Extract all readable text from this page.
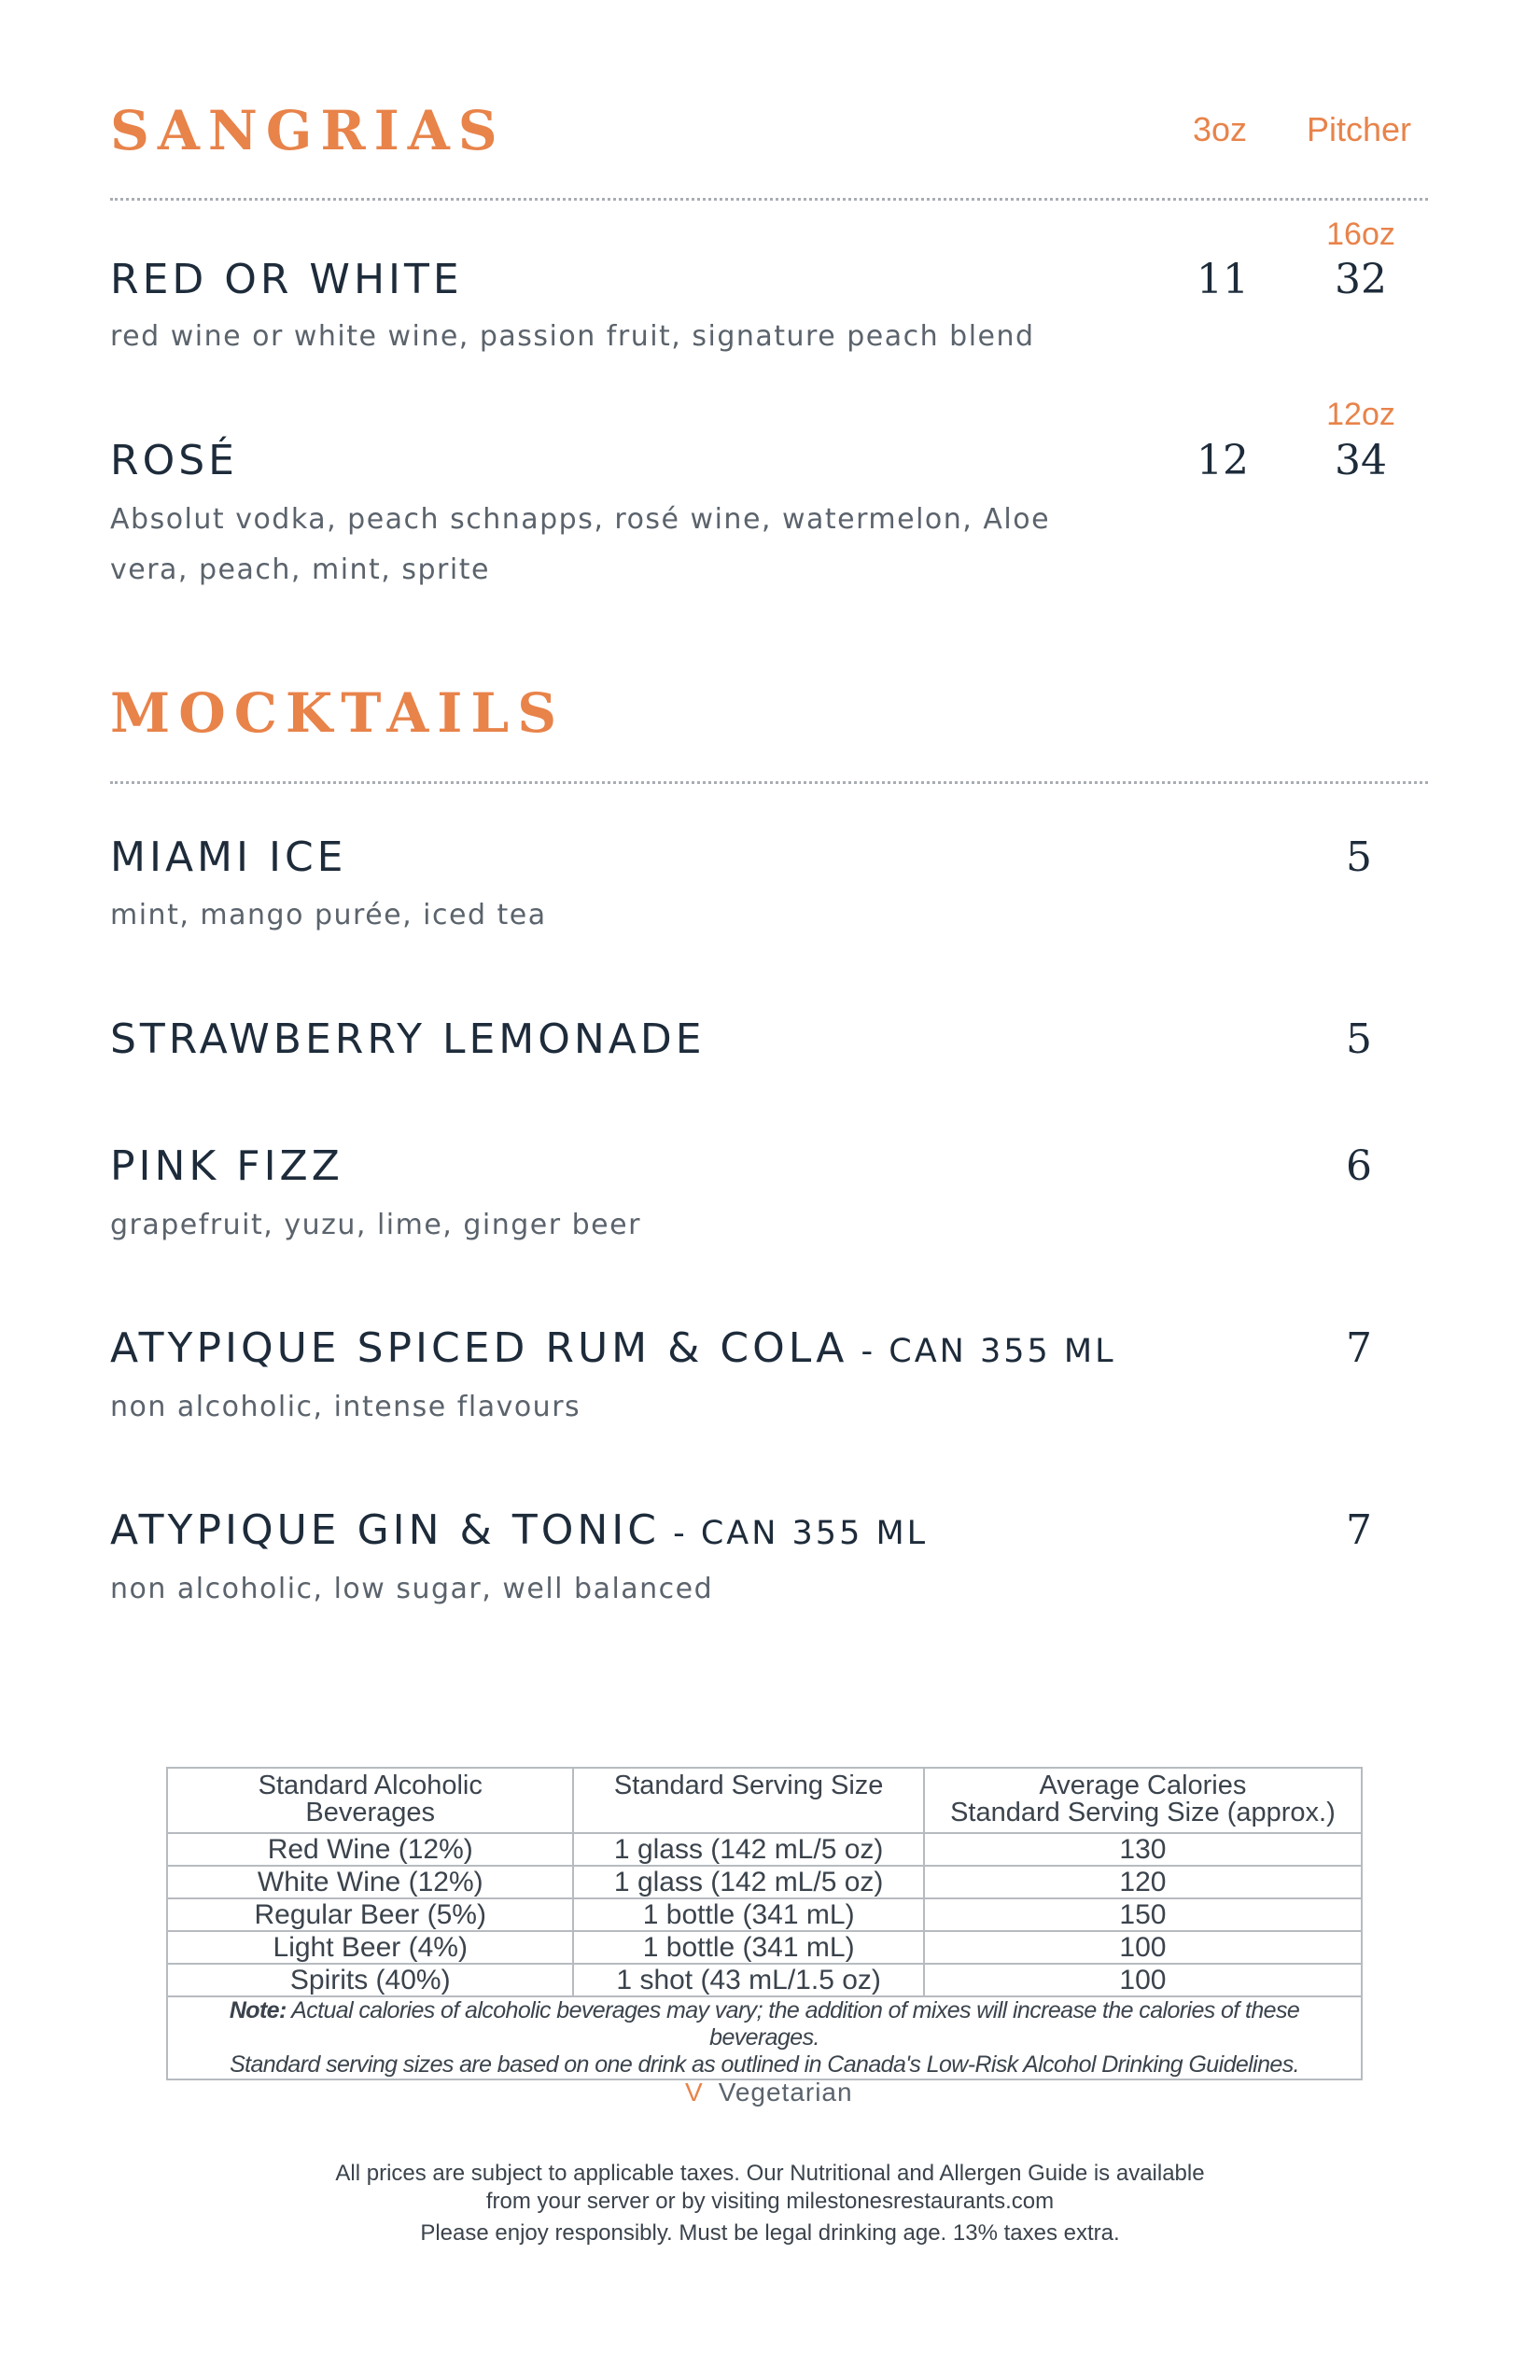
SANGRIAS	3oz Pitcher
16oz
RED OR WHITE	11	32
red wine or white wine, passion fruit, signature peach blend
12oz
ROSÉ	12	34
Absolut vodka, peach schnapps, rosé wine, watermelon, Aloe vera, peach, mint, sprite
MOCKTAILS
MIAMI ICE	5
mint, mango purée, iced tea
STRAWBERRY LEMONADE	5
PINK FIZZ	6
grapefruit, yuzu, lime, ginger beer
ATYPIQUE SPICED RUM & COLA - CAN 355 ML	7
non alcoholic, intense flavours
ATYPIQUE GIN & TONIC - CAN 355 ML	7
non alcoholic, low sugar, well balanced
Standard Alcoholic Beverages	Standard Serving Size	Average Calories
Standard Serving Size (approx.)
Red Wine (12%)	1 glass (142 mL/5 oz)	130
White Wine (12%)	1 glass (142 mL/5 oz)	120
Regular Beer (5%)	1 bottle (341 mL)	150
Light Beer (4%)	1 bottle (341 mL)	100
Spirits (40%)	1 shot (43 mL/1.5 oz)	100
Note: Actual calories of alcoholic beverages may vary; the addition of mixes will increase the calories of these beverages.
Standard serving sizes are based on one drink as outlined in Canada's Low-Risk Alcohol Drinking Guidelines.		
V Vegetarian
All prices are subject to applicable taxes. Our Nutritional and Allergen Guide is available
from your server or by visiting milestonesrestaurants.com
Please enjoy responsibly. Must be legal drinking age. 13% taxes extra.
